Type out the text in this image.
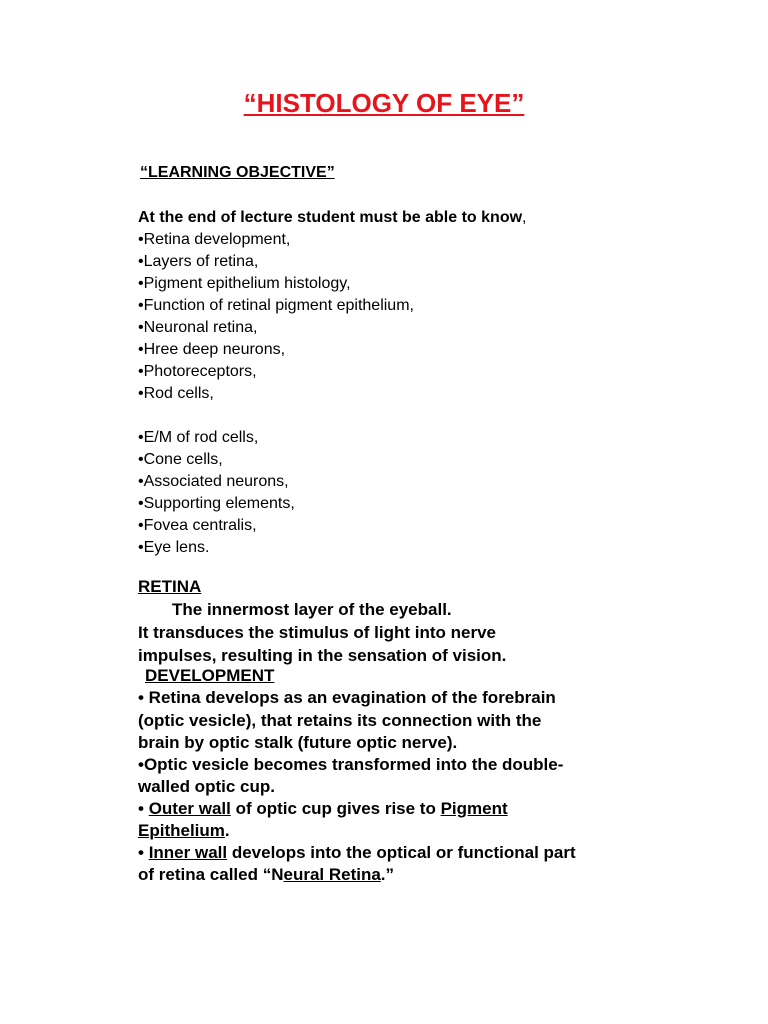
“HISTOLOGY OF EYE”
“LEARNING OBJECTIVE”
At the end of lecture student must be able to know,
•Retina development,
•Layers of retina,
•Pigment epithelium histology,
•Function of retinal pigment epithelium,
•Neuronal retina,
•Hree deep neurons,
•Photoreceptors,
•Rod cells,
•E/M of rod cells,
•Cone cells,
•Associated neurons,
•Supporting elements,
•Fovea centralis,
•Eye lens.
RETINA
The innermost layer of the eyeball.
It transduces the stimulus of light into nerve
impulses, resulting in the sensation of vision.
DEVELOPMENT
• Retina develops as an evagination of the forebrain
(optic vesicle), that retains its connection with the
brain by optic stalk (future optic nerve).
•Optic vesicle becomes transformed into the double-
walled optic cup.
• Outer wall of optic cup gives rise to Pigment
Epithelium.
• Inner wall develops into the optical or functional part
of retina called “Neural Retina.”
